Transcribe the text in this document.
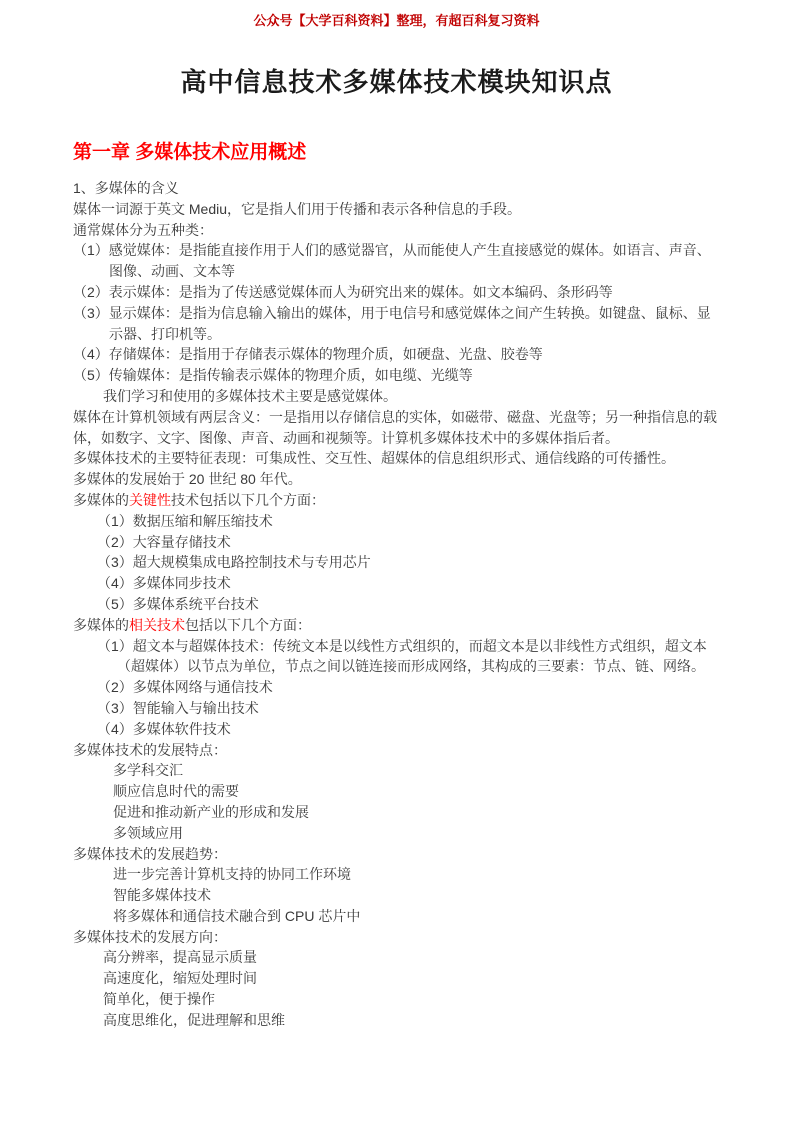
公众号【大学百科资料】整理，有超百科复习资料
高中信息技术多媒体技术模块知识点
第一章 多媒体技术应用概述
1、多媒体的含义
媒体一词源于英文 Mediu，它是指人们用于传播和表示各种信息的手段。
通常媒体分为五种类：
（1）感觉媒体：是指能直接作用于人们的感觉器官，从而能使人产生直接感觉的媒体。如语言、声音、
图像、动画、文本等
（2）表示媒体：是指为了传送感觉媒体而人为研究出来的媒体。如文本编码、条形码等
（3）显示媒体：是指为信息输入输出的媒体，用于电信号和感觉媒体之间产生转换。如键盘、鼠标、显
示器、打印机等。
（4）存储媒体：是指用于存储表示媒体的物理介质，如硬盘、光盘、胶卷等
（5）传输媒体：是指传输表示媒体的物理介质，如电缆、光缆等
我们学习和使用的多媒体技术主要是感觉媒体。
媒体在计算机领域有两层含义：一是指用以存储信息的实体，如磁带、磁盘、光盘等；另一种指信息的载
体，如数字、文字、图像、声音、动画和视频等。计算机多媒体技术中的多媒体指后者。
多媒体技术的主要特征表现：可集成性、交互性、超媒体的信息组织形式、通信线路的可传播性。
多媒体的发展始于 20 世纪 80 年代。
多媒体的关键性技术包括以下几个方面：
（1）数据压缩和解压缩技术
（2）大容量存储技术
（3）超大规模集成电路控制技术与专用芯片
（4）多媒体同步技术
（5）多媒体系统平台技术
多媒体的相关技术包括以下几个方面：
（1）超文本与超媒体技术：传统文本是以线性方式组织的，而超文本是以非线性方式组织，超文本
（超媒体）以节点为单位，节点之间以链连接而形成网络，其构成的三要素：节点、链、网络。
（2）多媒体网络与通信技术
（3）智能输入与输出技术
（4）多媒体软件技术
多媒体技术的发展特点：
多学科交汇
顺应信息时代的需要
促进和推动新产业的形成和发展
多领域应用
多媒体技术的发展趋势：
进一步完善计算机支持的协同工作环境
智能多媒体技术
将多媒体和通信技术融合到 CPU 芯片中
多媒体技术的发展方向：
高分辨率，提高显示质量
高速度化，缩短处理时间
简单化，便于操作
高度思维化，促进理解和思维
